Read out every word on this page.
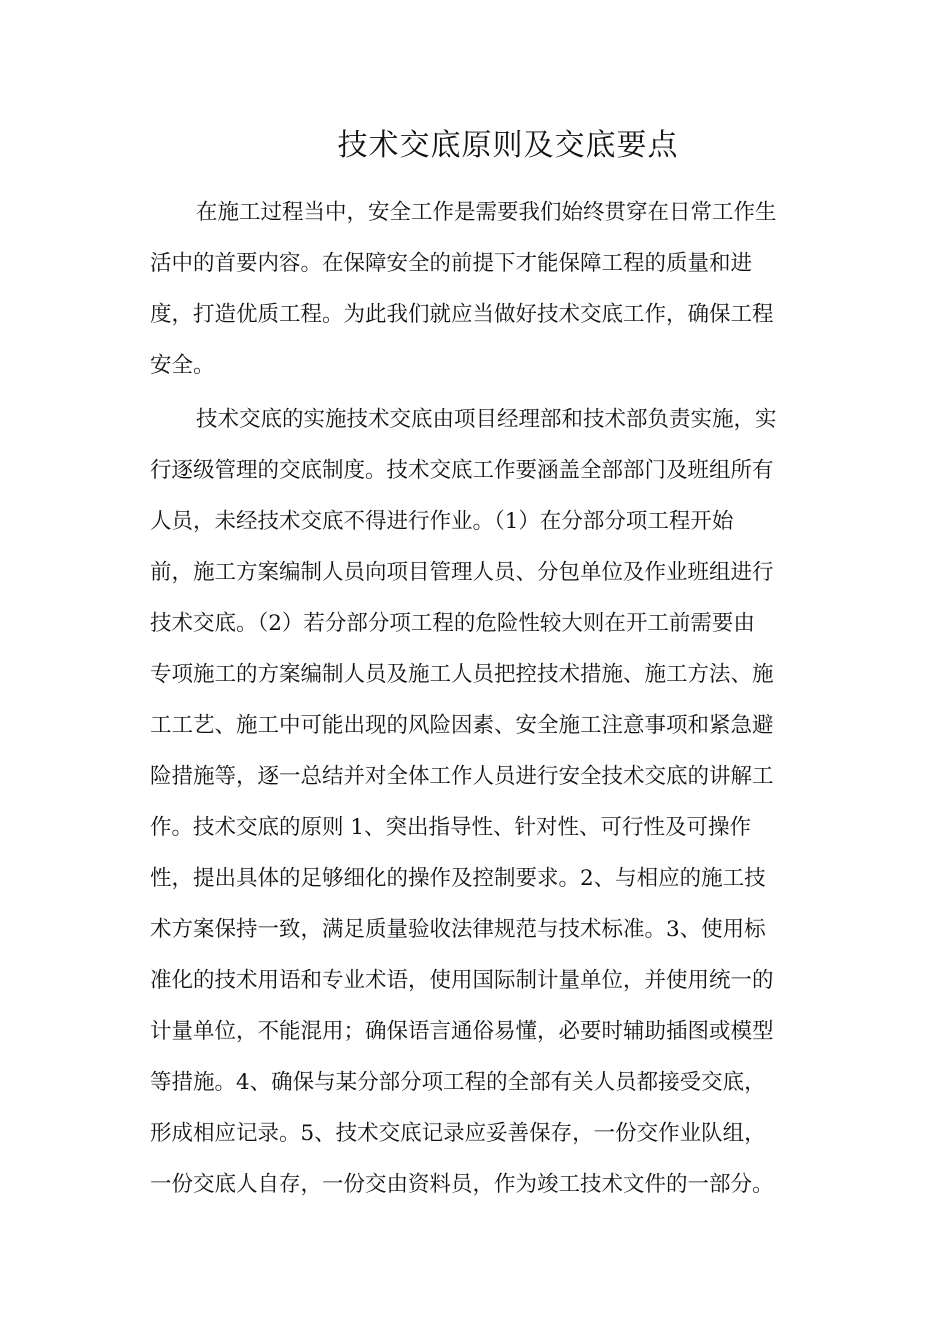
技术交底原则及交底要点

在施工过程当中，安全工作是需要我们始终贯穿在日常工作生

活中的首要内容。在保障安全的前提下才能保障工程的质量和进

度，打造优质工程。为此我们就应当做好技术交底工作，确保工程

安全。

技术交底的实施技术交底由项目经理部和技术部负责实施，实

行逐级管理的交底制度。技术交底工作要涵盖全部部门及班组所有

人员，未经技术交底不得进行作业。（1）在分部分项工程开始

前，施工方案编制人员向项目管理人员、分包单位及作业班组进行

技术交底。（2）若分部分项工程的危险性较大则在开工前需要由

专项施工的方案编制人员及施工人员把控技术措施、施工方法、施

工工艺、施工中可能出现的风险因素、安全施工注意事项和紧急避

险措施等，逐一总结并对全体工作人员进行安全技术交底的讲解工

作。技术交底的原则 1、突出指导性、针对性、可行性及可操作

性，提出具体的足够细化的操作及控制要求。2、与相应的施工技

术方案保持一致，满足质量验收法律规范与技术标准。3、使用标

准化的技术用语和专业术语，使用国际制计量单位，并使用统一的

计量单位，不能混用；确保语言通俗易懂，必要时辅助插图或模型

等措施。4、确保与某分部分项工程的全部有关人员都接受交底，

形成相应记录。5、技术交底记录应妥善保存，一份交作业队组，

一份交底人自存，一份交由资料员，作为竣工技术文件的一部分。
